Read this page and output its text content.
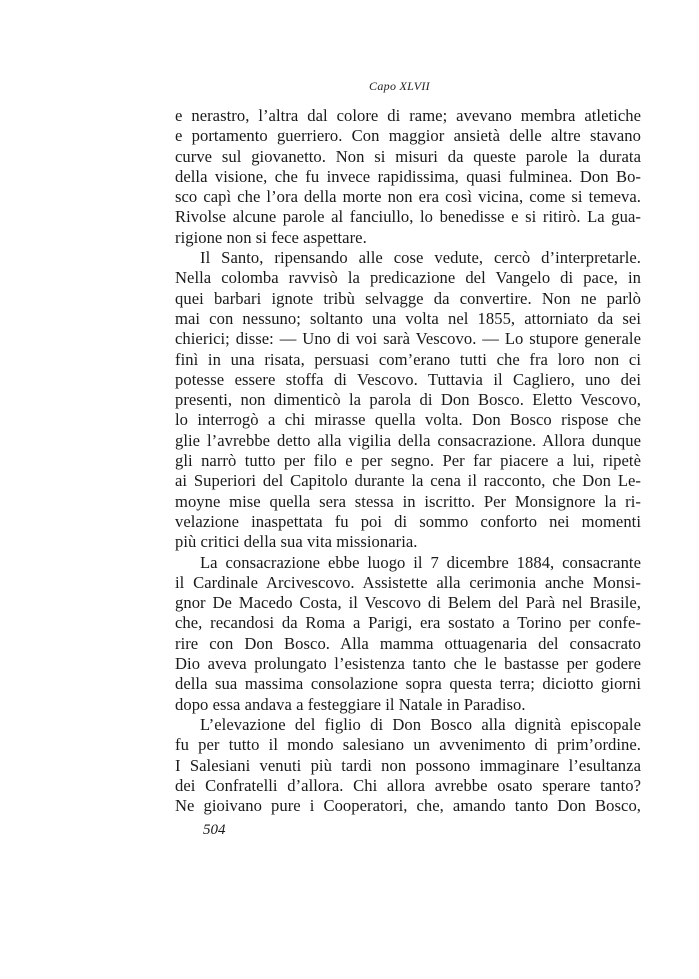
Capo XLVII
e nerastro, l’altra dal colore di rame; avevano membra atletiche
e portamento guerriero. Con maggior ansietà delle altre stavano
curve sul giovanetto. Non si misuri da queste parole la durata
della visione, che fu invece rapidissima, quasi fulminea. Don Bo-
sco capì che l’ora della morte non era così vicina, come si temeva.
Rivolse alcune parole al fanciullo, lo benedisse e si ritirò. La gua-
rigione non si fece aspettare.
Il Santo, ripensando alle cose vedute, cercò d’interpretarle.
Nella colomba ravvisò la predicazione del Vangelo di pace, in
quei barbari ignote tribù selvagge da convertire. Non ne parlò
mai con nessuno; soltanto una volta nel 1855, attorniato da sei
chierici; disse: — Uno di voi sarà Vescovo. — Lo stupore generale
finì in una risata, persuasi com’erano tutti che fra loro non ci
potesse essere stoffa di Vescovo. Tuttavia il Cagliero, uno dei
presenti, non dimenticò la parola di Don Bosco. Eletto Vescovo,
lo interrogò a chi mirasse quella volta. Don Bosco rispose che
glie l’avrebbe detto alla vigilia della consacrazione. Allora dunque
gli narrò tutto per filo e per segno. Per far piacere a lui, ripetè
ai Superiori del Capitolo durante la cena il racconto, che Don Le-
moyne mise quella sera stessa in iscritto. Per Monsignore la ri-
velazione inaspettata fu poi di sommo conforto nei momenti
più critici della sua vita missionaria.
La consacrazione ebbe luogo il 7 dicembre 1884, consacrante
il Cardinale Arcivescovo. Assistette alla cerimonia anche Monsi-
gnor De Macedo Costa, il Vescovo di Belem del Parà nel Brasile,
che, recandosi da Roma a Parigi, era sostato a Torino per confe-
rire con Don Bosco. Alla mamma ottuagenaria del consacrato
Dio aveva prolungato l’esistenza tanto che le bastasse per godere
della sua massima consolazione sopra questa terra; diciotto giorni
dopo essa andava a festeggiare il Natale in Paradiso.
L’elevazione del figlio di Don Bosco alla dignità episcopale
fu per tutto il mondo salesiano un avvenimento di prim’ordine.
I Salesiani venuti più tardi non possono immaginare l’esultanza
dei Confratelli d’allora. Chi allora avrebbe osato sperare tanto?
Ne gioivano pure i Cooperatori, che, amando tanto Don Bosco,
504
